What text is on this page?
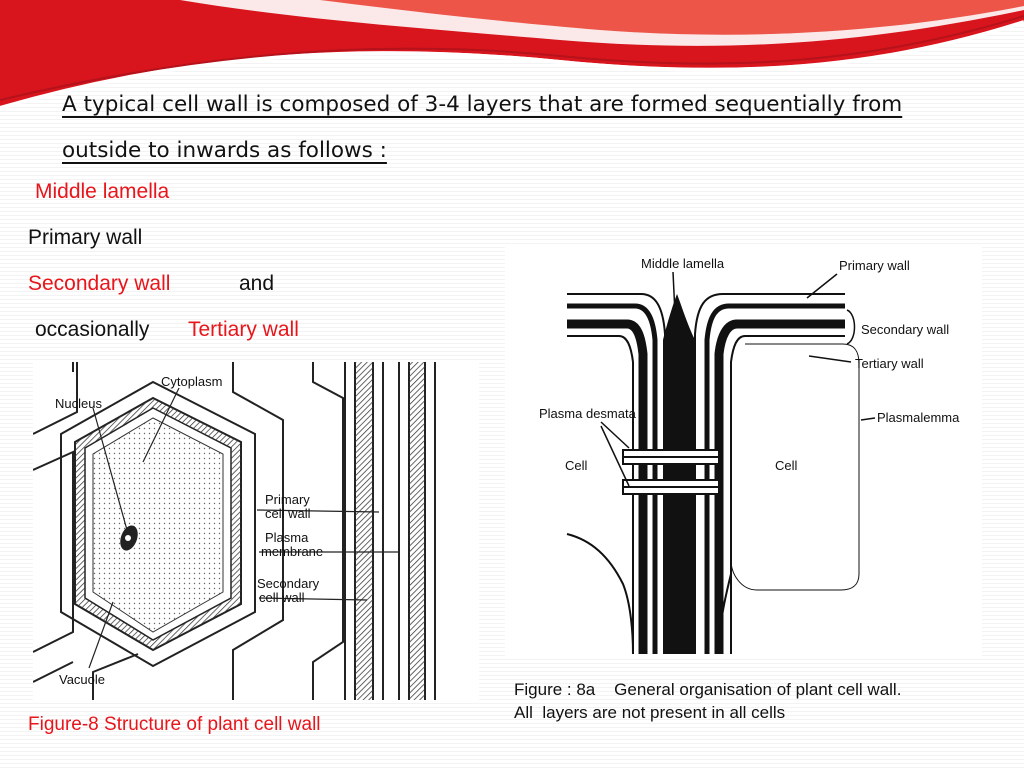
A typical cell wall is composed of 3-4 layers that are formed sequentially from
outside to inwards as follows :
Middle lamella
Primary wall
Secondary wall	and
occasionally Tertiary wall
Nucleus
Cytoplasm
Primary
cell wall
Plasma
membrane
Secondary
cell wall
Vacuole
Figure-8 Structure of plant cell wall
Middle lamella	Primary wall
Secondary wall
Tertiary wall
Plasma desmata	Plasmalemma
Cell	Cell
Figure : 8a    General organisation of plant cell wall.
All  layers are not present in all cells
